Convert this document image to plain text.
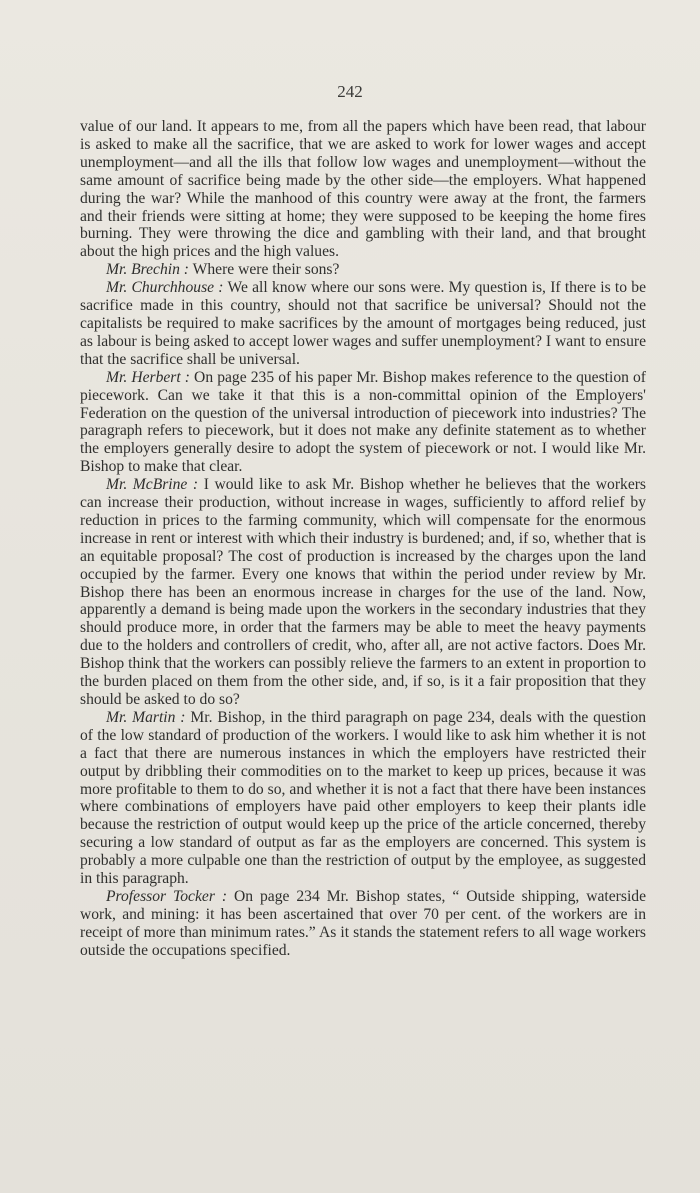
242

value of our land. It appears to me, from all the papers which have been read, that labour is asked to make all the sacrifice, that we are asked to work for lower wages and accept unemployment—and all the ills that follow low wages and unemployment—without the same amount of sacrifice being made by the other side—the employers. What happened during the war? While the manhood of this country were away at the front, the farmers and their friends were sitting at home; they were supposed to be keeping the home fires burning. They were throwing the dice and gambling with their land, and that brought about the high prices and the high values.

Mr. Brechin : Where were their sons?

Mr. Churchhouse : We all know where our sons were. My question is, If there is to be sacrifice made in this country, should not that sacrifice be universal? Should not the capitalists be required to make sacrifices by the amount of mortgages being reduced, just as labour is being asked to accept lower wages and suffer unemployment? I want to ensure that the sacrifice shall be universal.

Mr. Herbert : On page 235 of his paper Mr. Bishop makes reference to the question of piecework. Can we take it that this is a non-committal opinion of the Employers' Federation on the question of the universal introduction of piecework into industries? The paragraph refers to piecework, but it does not make any definite statement as to whether the employers generally desire to adopt the system of piecework or not. I would like Mr. Bishop to make that clear.

Mr. McBrine : I would like to ask Mr. Bishop whether he believes that the workers can increase their production, without increase in wages, sufficiently to afford relief by reduction in prices to the farming community, which will compensate for the enormous increase in rent or interest with which their industry is burdened; and, if so, whether that is an equitable proposal? The cost of production is increased by the charges upon the land occupied by the farmer. Every one knows that within the period under review by Mr. Bishop there has been an enormous increase in charges for the use of the land. Now, apparently a demand is being made upon the workers in the secondary industries that they should produce more, in order that the farmers may be able to meet the heavy payments due to the holders and controllers of credit, who, after all, are not active factors. Does Mr. Bishop think that the workers can possibly relieve the farmers to an extent in proportion to the burden placed on them from the other side, and, if so, is it a fair proposition that they should be asked to do so?

Mr. Martin : Mr. Bishop, in the third paragraph on page 234, deals with the question of the low standard of production of the workers. I would like to ask him whether it is not a fact that there are numerous instances in which the employers have restricted their output by dribbling their commodities on to the market to keep up prices, because it was more profitable to them to do so, and whether it is not a fact that there have been instances where combinations of employers have paid other employers to keep their plants idle because the restriction of output would keep up the price of the article concerned, thereby securing a low standard of output as far as the employers are concerned. This system is probably a more culpable one than the restriction of output by the employee, as suggested in this paragraph.

Professor Tocker : On page 234 Mr. Bishop states, “ Outside shipping, waterside work, and mining: it has been ascertained that over 70 per cent. of the workers are in receipt of more than minimum rates.” As it stands the statement refers to all wage workers outside the occupations specified.
